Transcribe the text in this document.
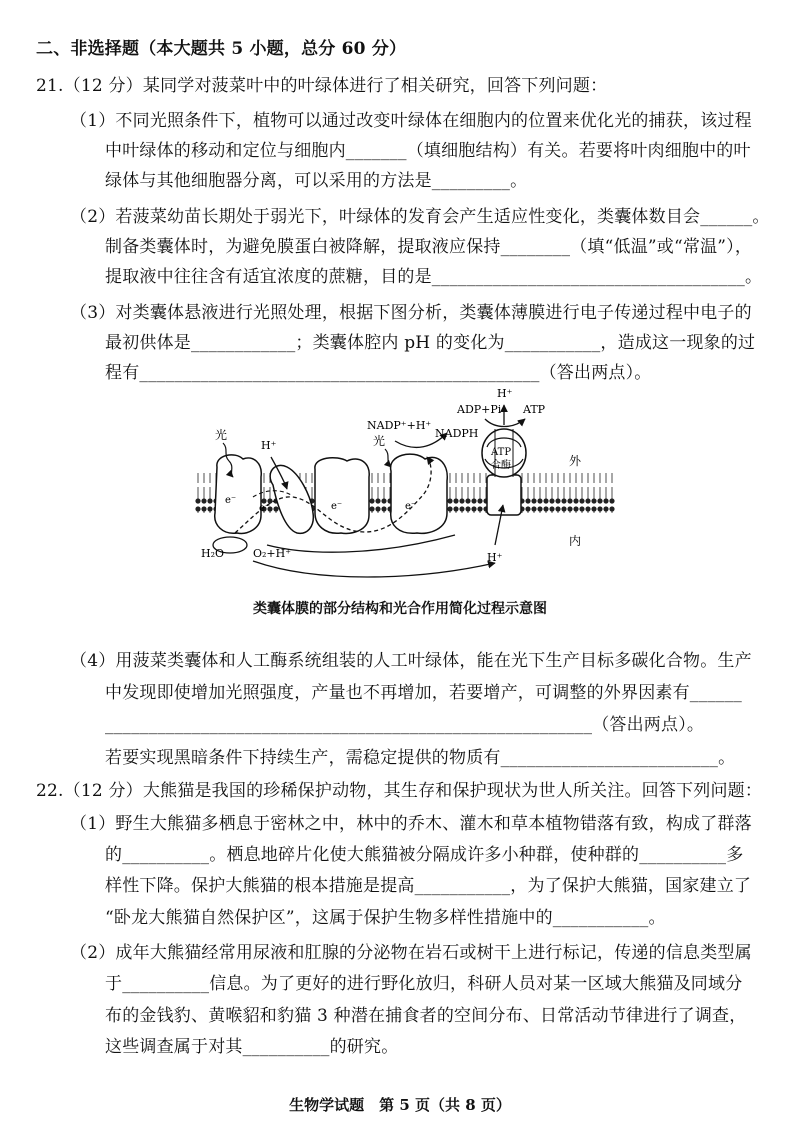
二、非选择题（本大题共 5 小题，总分 60 分）
21.（12 分）某同学对菠菜叶中的叶绿体进行了相关研究，回答下列问题：
（1）不同光照条件下，植物可以通过改变叶绿体在细胞内的位置来优化光的捕获，该过程
中叶绿体的移动和定位与细胞内_______（填细胞结构）有关。若要将叶肉细胞中的叶
绿体与其他细胞器分离，可以采用的方法是_________。
（2）若菠菜幼苗长期处于弱光下，叶绿体的发育会产生适应性变化，类囊体数目会______。
制备类囊体时，为避免膜蛋白被降解，提取液应保持________（填“低温”或“常温”），
提取液中往往含有适宜浓度的蔗糖，目的是____________________________________。
（3）对类囊体悬液进行光照处理，根据下图分析，类囊体薄膜进行电子传递过程中电子的
最初供体是____________；类囊体腔内 pH 的变化为___________，造成这一现象的过
程有______________________________________________（答出两点）。
光
H⁺	光
NADP⁺+H⁺
NADPH
ADP+Pi ATP
H⁺
ATP
合酶	外
内
H₂O	O₂+H⁺	H⁺
e⁻
e⁻	e⁻	e⁻
类囊体膜的部分结构和光合作用简化过程示意图
（4）用菠菜类囊体和人工酶系统组装的人工叶绿体，能在光下生产目标多碳化合物。生产
中发现即使增加光照强度，产量也不再增加，若要增产，可调整的外界因素有______
________________________________________________________（答出两点）。
若要实现黑暗条件下持续生产，需稳定提供的物质有_________________________。
22.（12 分）大熊猫是我国的珍稀保护动物，其生存和保护现状为世人所关注。回答下列问题：
（1）野生大熊猫多栖息于密林之中，林中的乔木、灌木和草本植物错落有致，构成了群落
的__________。栖息地碎片化使大熊猫被分隔成许多小种群，使种群的__________多
样性下降。保护大熊猫的根本措施是提高___________，为了保护大熊猫，国家建立了
“卧龙大熊猫自然保护区”，这属于保护生物多样性措施中的___________。
（2）成年大熊猫经常用尿液和肛腺的分泌物在岩石或树干上进行标记，传递的信息类型属
于__________信息。为了更好的进行野化放归，科研人员对某一区域大熊猫及同域分
布的金钱豹、黄喉貂和豹猫 3 种潜在捕食者的空间分布、日常活动节律进行了调查，
这些调查属于对其__________的研究。
生物学试题　第 5 页（共 8 页）
